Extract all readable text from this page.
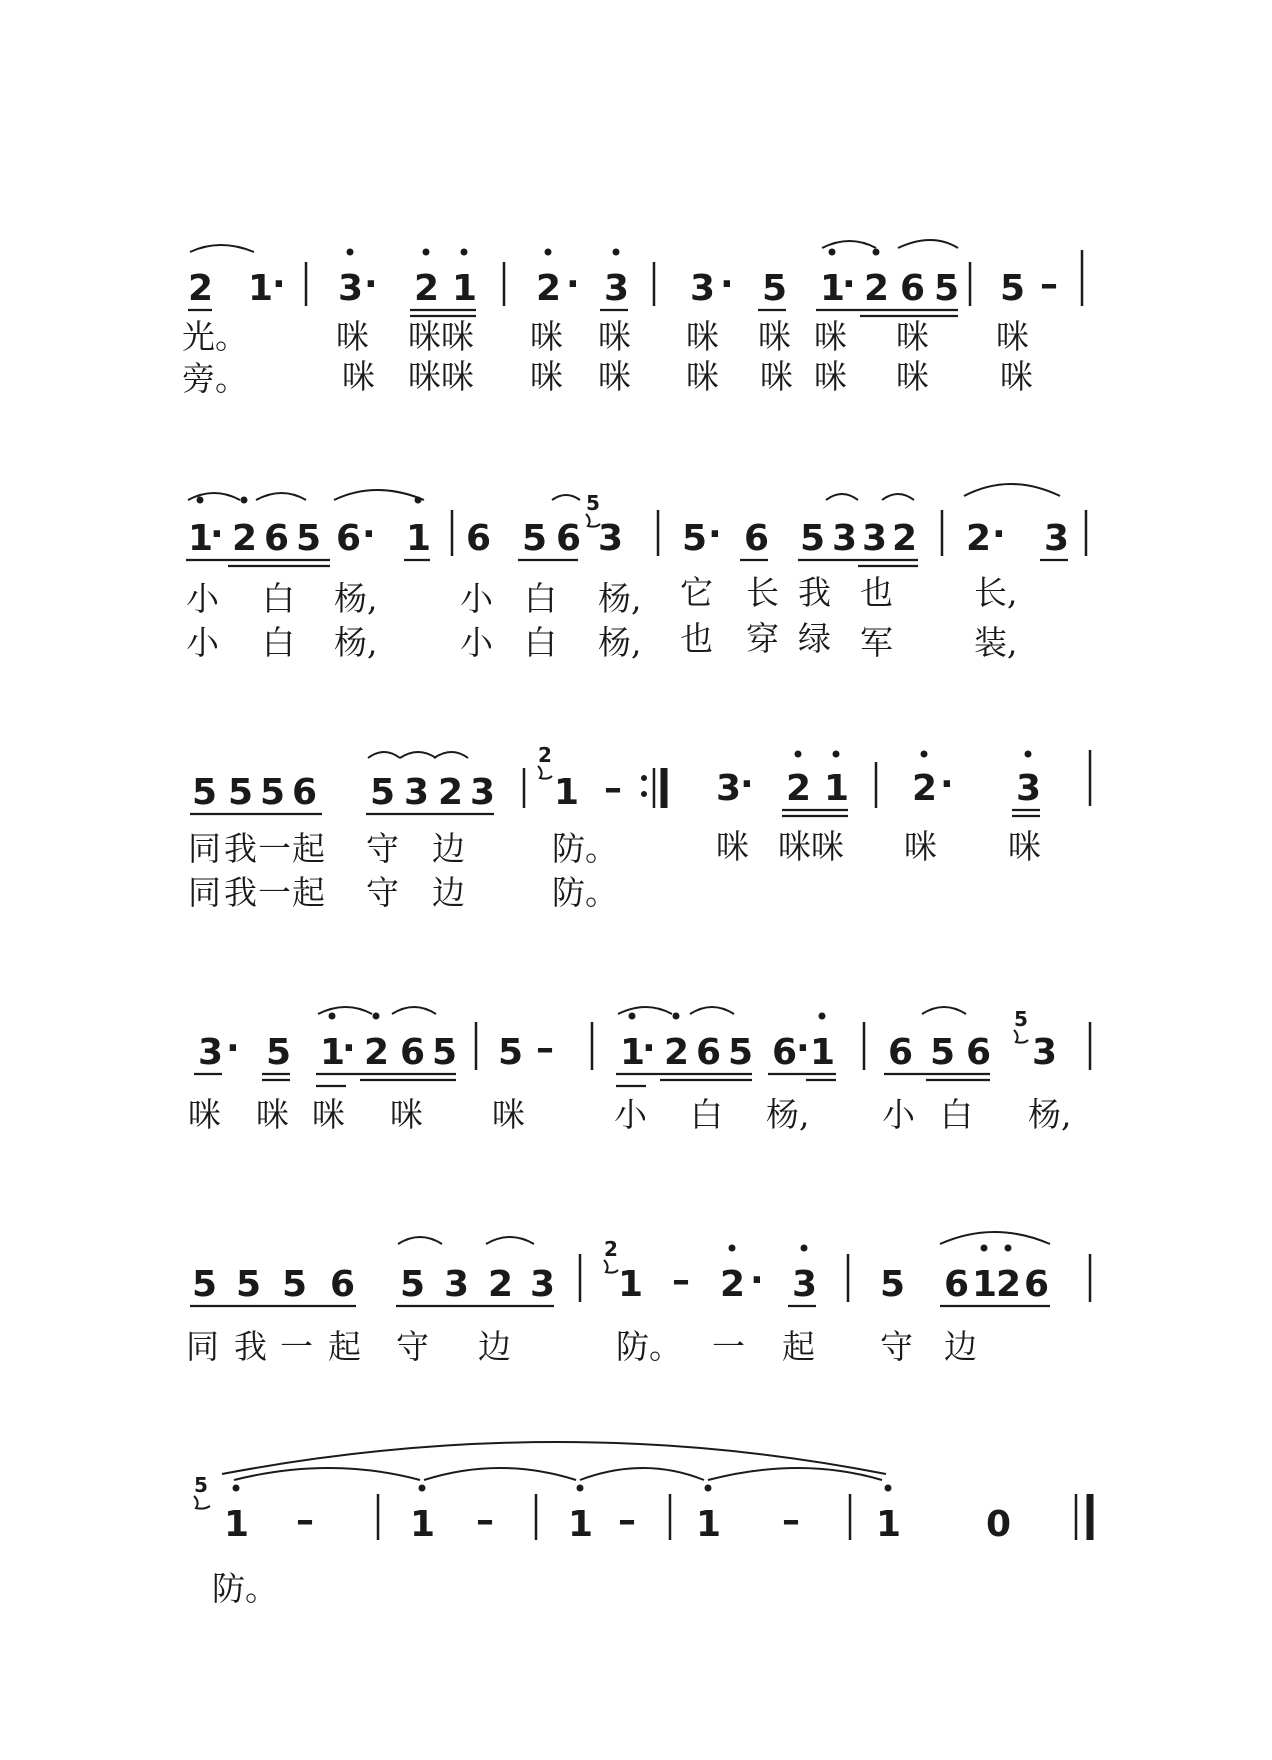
2 1
· 3 · 2 1 2 · 3 3 · 5 1
· 2 6 5 5 –
光。	咪 咪咪 咪 咪 咪 咪 咪 咪 咪
旁。	咪 咪咪 咪 咪 咪 咪 咪 咪 咪
1
· 2 6 5 6 · 1 6 5 6 3 5 · 6 5 3 3 2 2 · 3
5
小 白 杨,	小 白 杨, 它 长 我 也 长,
小 白 杨,	小 白 杨, 也 穿 绿 军 装,
5 5 5 6 5 3 2 3 1 –	3
· 2 1 2 · 3
2
同 我 一 起 守 边	防。	咪 咪咪 咪 咪
同 我 一 起 守 边	防。
3 · 5 1
· 2 6 5 5 – 1
· 2 6 5 6
· 1 6 5 6 3
5
咪 咪 咪 咪 咪	小 白 杨, 小 白 杨,
5 5 5 6 5 3 2 3 1 – 2 · 3 5 6 1
2 6
2
同 我 一 起 守 边	防。 一 起 守 边
1 –	1 – 1 – 1 – 1 0
5
防。
